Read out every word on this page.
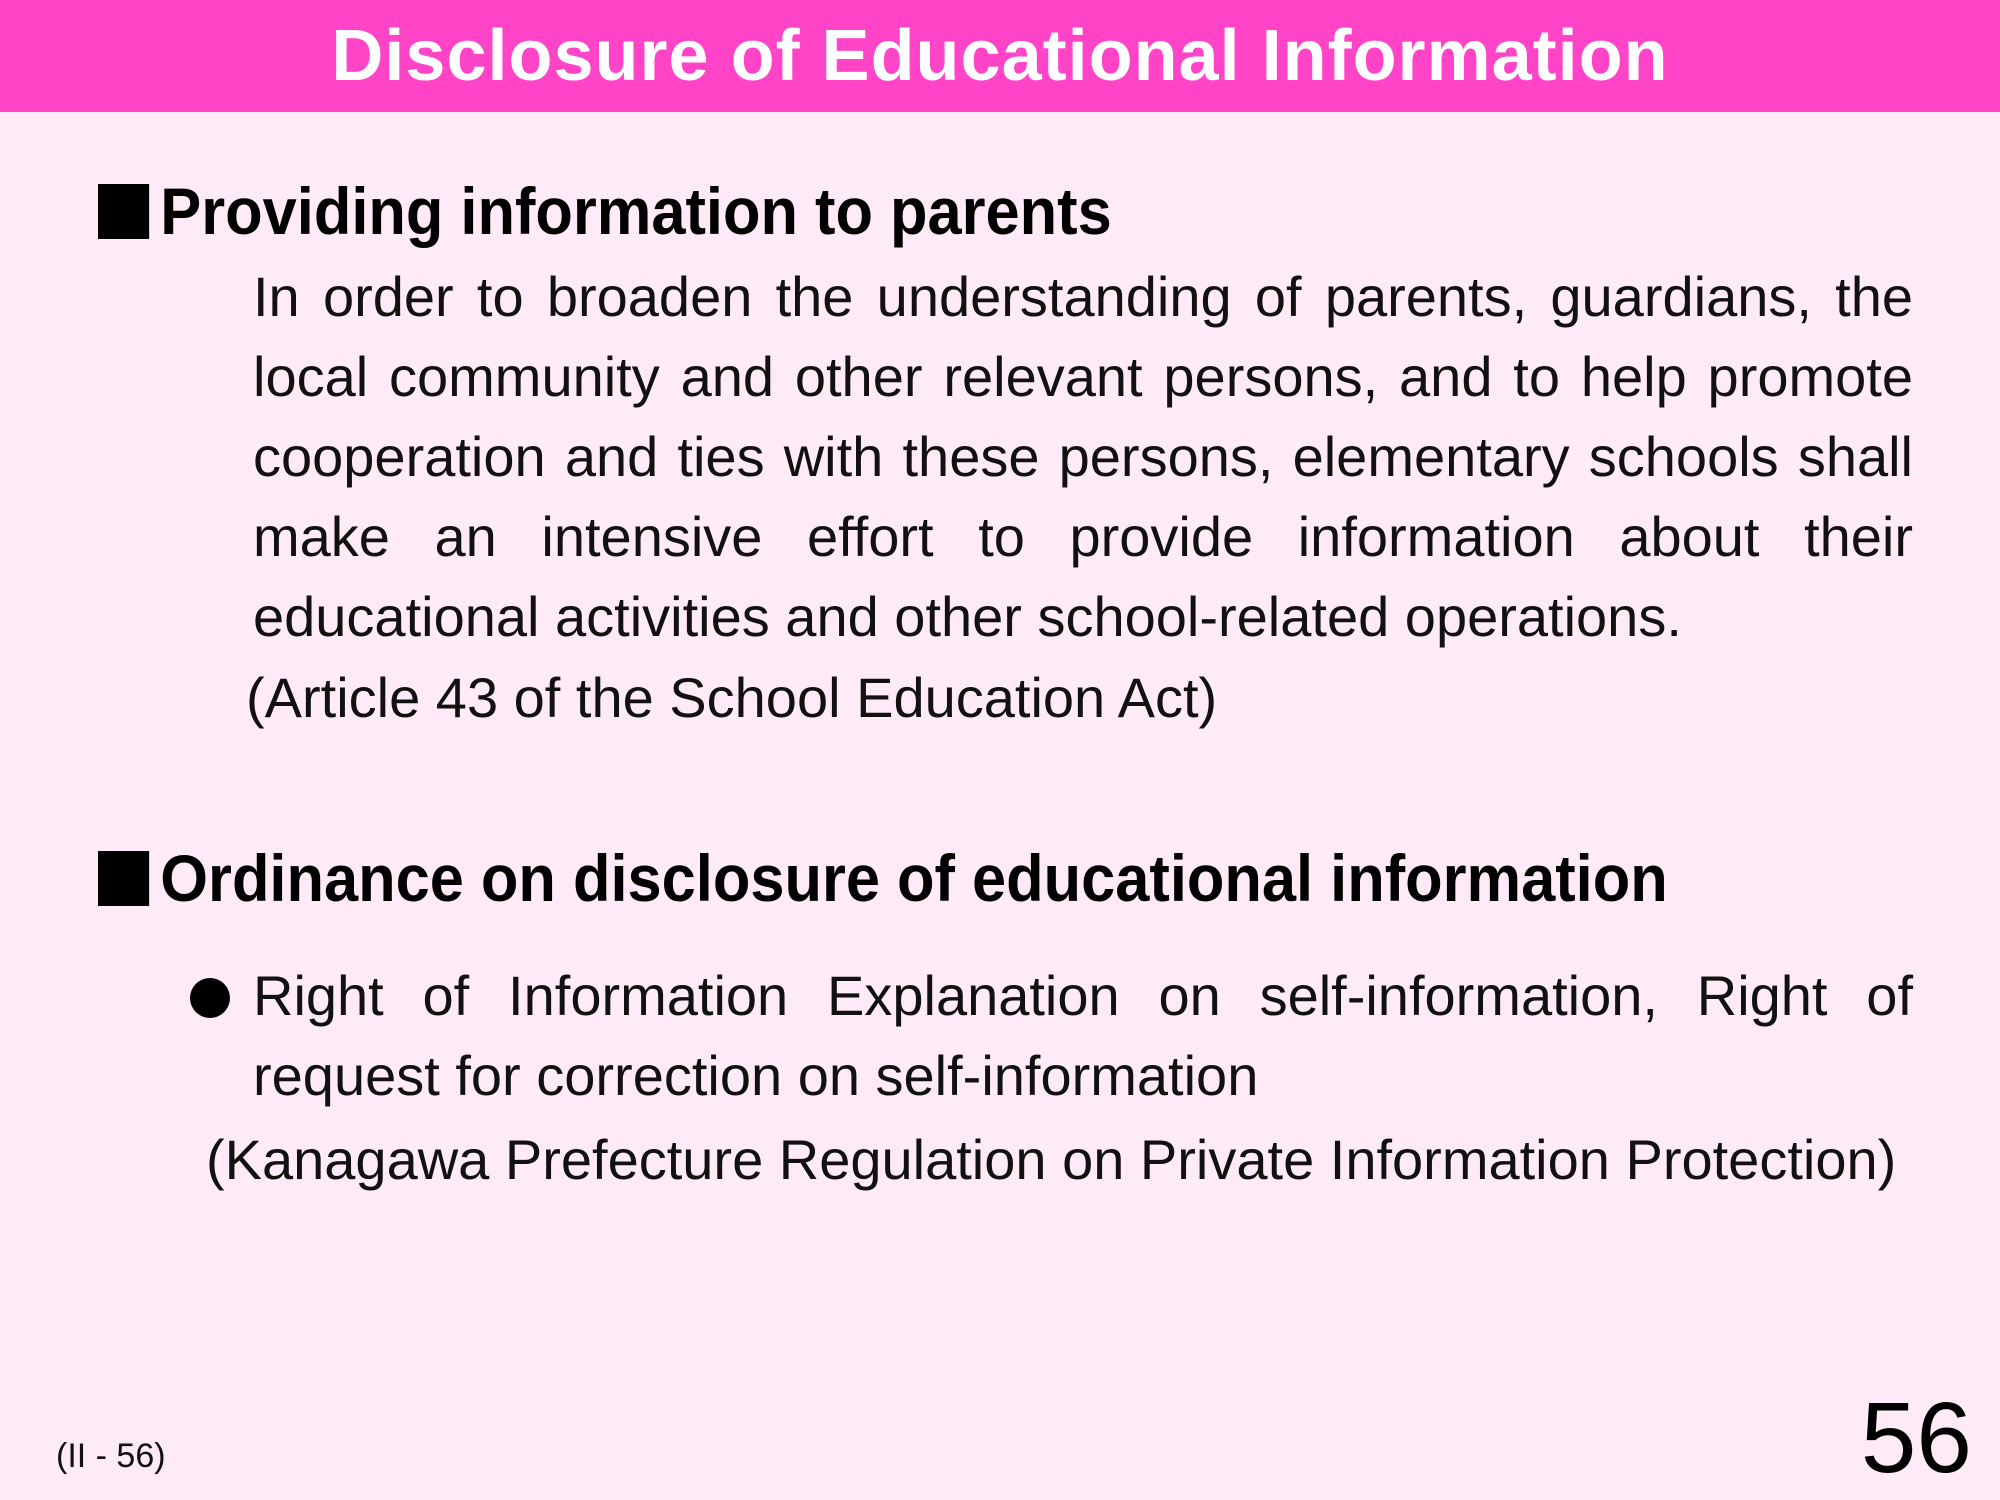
Disclosure of Educational Information
Providing information to parents
In order to broaden the understanding of parents, guardians, the
local community and other relevant persons, and to help promote
cooperation and ties with these persons, elementary schools shall
make an intensive effort to provide information about their
educational activities and other school-related operations.
(Article 43 of the School Education Act)
Ordinance on disclosure of educational information
Right of Information Explanation on self-information, Right of
request for correction on self-information
(Kanagawa Prefecture Regulation on Private Information Protection)
(II - 56)	56
